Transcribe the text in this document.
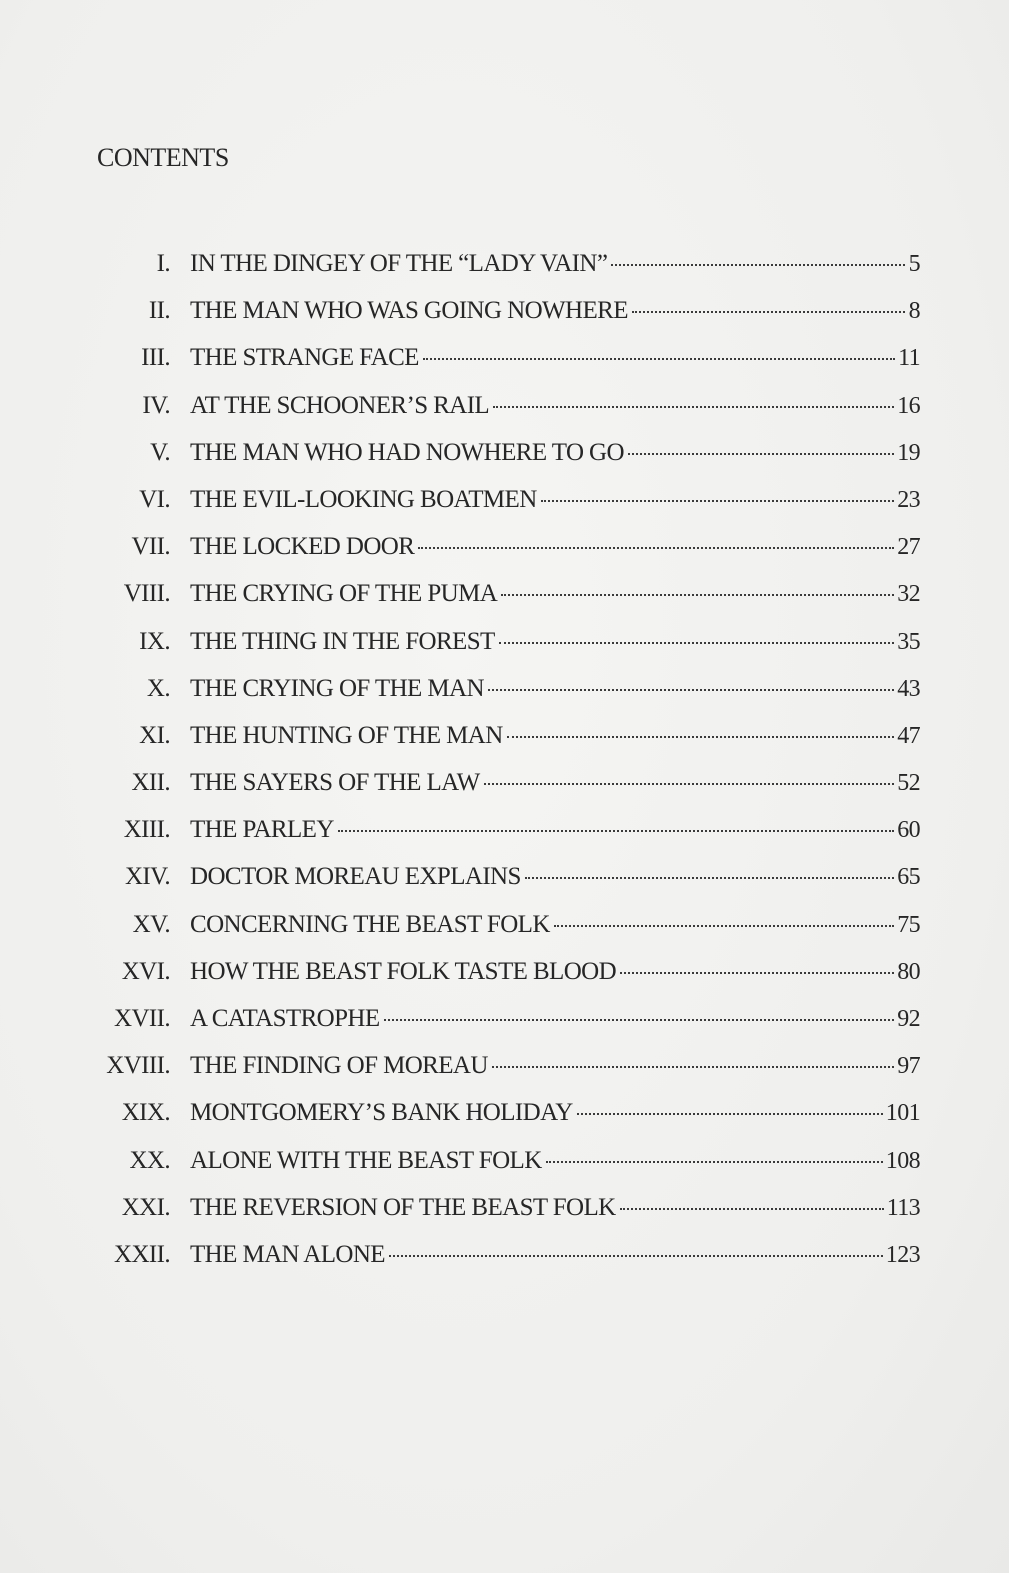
CONTENTS
I. IN THE DINGEY OF THE “LADY VAIN”	5
II. THE MAN WHO WAS GOING NOWHERE	8
III. THE STRANGE FACE	11
IV. AT THE SCHOONER’S RAIL	16
V. THE MAN WHO HAD NOWHERE TO GO	19
VI. THE EVIL-LOOKING BOATMEN	23
VII. THE LOCKED DOOR	27
VIII. THE CRYING OF THE PUMA	32
IX. THE THING IN THE FOREST	35
X. THE CRYING OF THE MAN	43
XI. THE HUNTING OF THE MAN	47
XII. THE SAYERS OF THE LAW	52
XIII. THE PARLEY	60
XIV. DOCTOR MOREAU EXPLAINS	65
XV. CONCERNING THE BEAST FOLK	75
XVI. HOW THE BEAST FOLK TASTE BLOOD	80
XVII. A CATASTROPHE	92
XVIII. THE FINDING OF MOREAU	97
XIX. MONTGOMERY’S BANK HOLIDAY	101
XX. ALONE WITH THE BEAST FOLK	108
XXI. THE REVERSION OF THE BEAST FOLK	113
XXII. THE MAN ALONE	123
